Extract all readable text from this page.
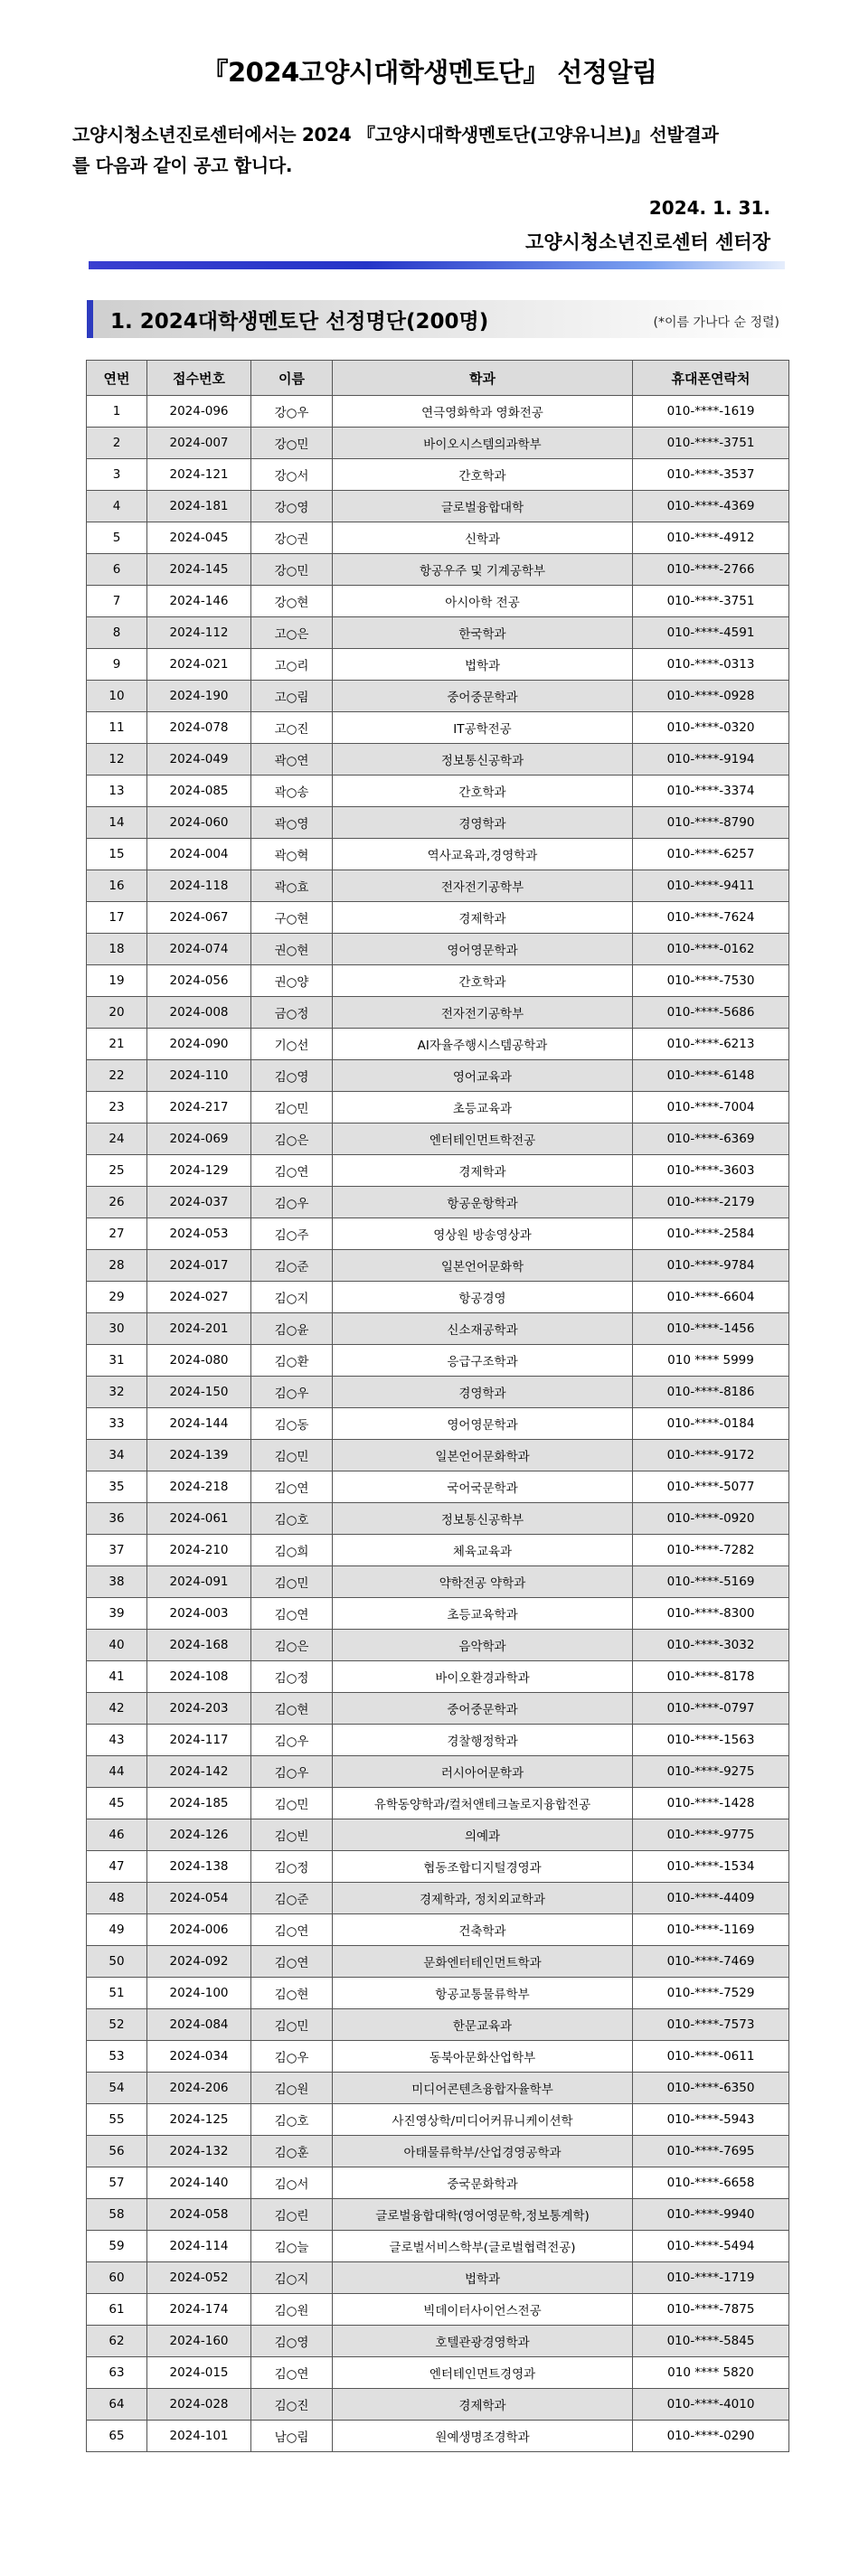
『2024고양시대학생멘토단』 선정알림
고양시청소년진로센터에서는 2024 『고양시대학생멘토단(고양유니브)』선발결과
를 다음과 같이 공고 합니다.
2024. 1. 31.
고양시청소년진로센터 센터장
1. 2024대학생멘토단 선정명단(200명)	(*이름 가나다 순 정렬)
연번	접수번호	이름	학과	휴대폰연락처
1	2024-096	강○우	연극영화학과 영화전공	010-****-1619
2	2024-007	강○민	바이오시스템의과학부	010-****-3751
3	2024-121	강○서	간호학과	010-****-3537
4	2024-181	강○영	글로벌융합대학	010-****-4369
5	2024-045	강○권	신학과	010-****-4912
6	2024-145	강○민	항공우주 및 기계공학부	010-****-2766
7	2024-146	강○현	아시아학 전공	010-****-3751
8	2024-112	고○은	한국학과	010-****-4591
9	2024-021	고○리	법학과	010-****-0313
10	2024-190	고○림	중어중문학과	010-****-0928
11	2024-078	고○진	IT공학전공	010-****-0320
12	2024-049	곽○연	정보통신공학과	010-****-9194
13	2024-085	곽○송	간호학과	010-****-3374
14	2024-060	곽○영	경영학과	010-****-8790
15	2024-004	곽○혁	역사교육과,경영학과	010-****-6257
16	2024-118	곽○효	전자전기공학부	010-****-9411
17	2024-067	구○현	경제학과	010-****-7624
18	2024-074	권○현	영어영문학과	010-****-0162
19	2024-056	권○양	간호학과	010-****-7530
20	2024-008	금○정	전자전기공학부	010-****-5686
21	2024-090	기○선	AI자율주행시스템공학과	010-****-6213
22	2024-110	김○영	영어교육과	010-****-6148
23	2024-217	김○민	초등교육과	010-****-7004
24	2024-069	김○은	엔터테인먼트학전공	010-****-6369
25	2024-129	김○연	경제학과	010-****-3603
26	2024-037	김○우	항공운항학과	010-****-2179
27	2024-053	김○주	영상원 방송영상과	010-****-2584
28	2024-017	김○준	일본언어문화학	010-****-9784
29	2024-027	김○지	항공경영	010-****-6604
30	2024-201	김○윤	신소재공학과	010-****-1456
31	2024-080	김○환	응급구조학과	010 **** 5999
32	2024-150	김○우	경영학과	010-****-8186
33	2024-144	김○동	영어영문학과	010-****-0184
34	2024-139	김○민	일본언어문화학과	010-****-9172
35	2024-218	김○연	국어국문학과	010-****-5077
36	2024-061	김○호	정보통신공학부	010-****-0920
37	2024-210	김○희	체육교육과	010-****-7282
38	2024-091	김○민	약학전공 약학과	010-****-5169
39	2024-003	김○연	초등교육학과	010-****-8300
40	2024-168	김○은	음악학과	010-****-3032
41	2024-108	김○정	바이오환경과학과	010-****-8178
42	2024-203	김○현	중어중문학과	010-****-0797
43	2024-117	김○우	경찰행정학과	010-****-1563
44	2024-142	김○우	러시아어문학과	010-****-9275
45	2024-185	김○민	유학동양학과/컬처앤테크놀로지융합전공	010-****-1428
46	2024-126	김○빈	의예과	010-****-9775
47	2024-138	김○정	협동조합디지털경영과	010-****-1534
48	2024-054	김○준	경제학과, 정치외교학과	010-****-4409
49	2024-006	김○연	건축학과	010-****-1169
50	2024-092	김○연	문화엔터테인먼트학과	010-****-7469
51	2024-100	김○현	항공교통물류학부	010-****-7529
52	2024-084	김○민	한문교육과	010-****-7573
53	2024-034	김○우	동북아문화산업학부	010-****-0611
54	2024-206	김○원	미디어콘텐츠융합자율학부	010-****-6350
55	2024-125	김○호	사진영상학/미디어커뮤니케이션학	010-****-5943
56	2024-132	김○훈	아태물류학부/산업경영공학과	010-****-7695
57	2024-140	김○서	중국문화학과	010-****-6658
58	2024-058	김○린	글로벌융합대학(영어영문학,정보통계학)	010-****-9940
59	2024-114	김○늘	글로벌서비스학부(글로벌협력전공)	010-****-5494
60	2024-052	김○지	법학과	010-****-1719
61	2024-174	김○원	빅데이터사이언스전공	010-****-7875
62	2024-160	김○영	호텔관광경영학과	010-****-5845
63	2024-015	김○연	엔터테인먼트경영과	010 **** 5820
64	2024-028	김○진	경제학과	010-****-4010
65	2024-101	남○림	원예생명조경학과	010-****-0290
